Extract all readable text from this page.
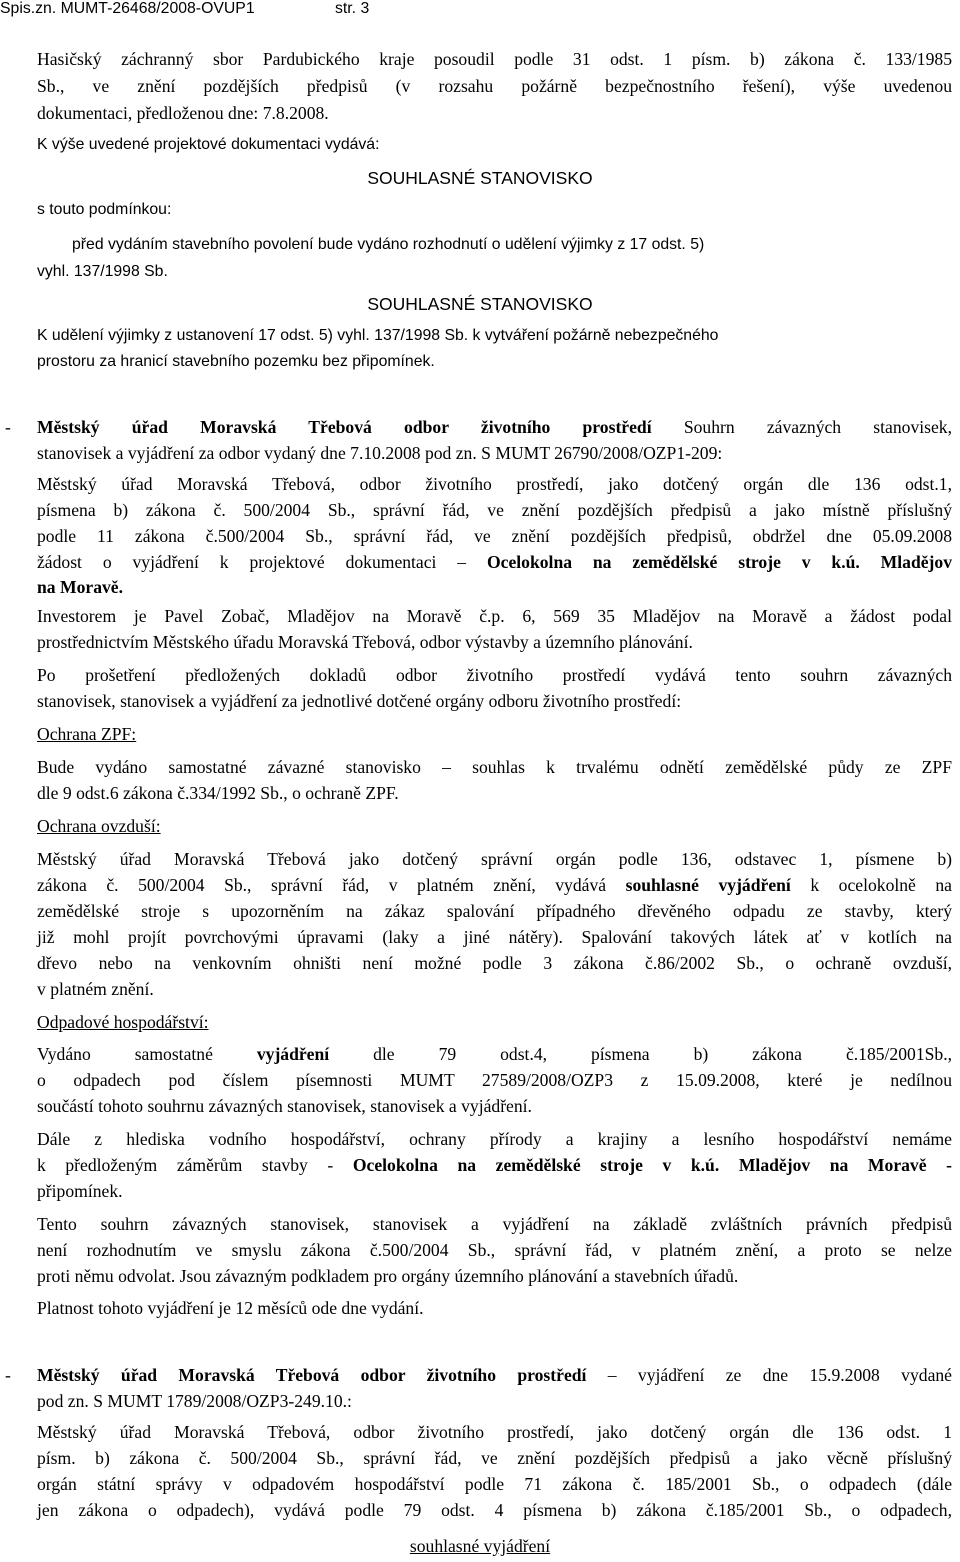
Spis.zn. MUMT-26468/2008-OVUP1	str. 3
Hasičský záchranný sbor Pardubického kraje posoudil podle 31 odst. 1 písm. b) zákona č. 133/1985
Sb., ve znění pozdějších předpisů (v rozsahu požárně bezpečnostního řešení), výše uvedenou
dokumentaci, předloženou dne: 7.8.2008.
K výše uvedené projektové dokumentaci vydává:
SOUHLASNÉ STANOVISKO
s touto podmínkou:
před vydáním stavebního povolení bude vydáno rozhodnutí o udělení výjimky z 17 odst. 5)
vyhl. 137/1998 Sb.
SOUHLASNÉ STANOVISKO
K udělení výjimky z ustanovení 17 odst. 5) vyhl. 137/1998 Sb. k vytváření požárně nebezpečného
prostoru za hranicí stavebního pozemku bez připomínek.
- Městský úřad Moravská Třebová odbor životního prostředí Souhrn závazných stanovisek,
stanovisek a vyjádření za odbor vydaný dne 7.10.2008 pod zn. S MUMT 26790/2008/OZP1-209:
Městský úřad Moravská Třebová, odbor životního prostředí, jako dotčený orgán dle 136 odst.1,
písmena b) zákona č. 500/2004 Sb., správní řád, ve znění pozdějších předpisů a jako místně příslušný
podle 11 zákona č.500/2004 Sb., správní řád, ve znění pozdějších předpisů, obdržel dne 05.09.2008
žádost o vyjádření k projektové dokumentaci – Ocelokolna na zemědělské stroje v k.ú. Mladějov
na Moravě.
Investorem je Pavel Zobač, Mladějov na Moravě č.p. 6, 569 35 Mladějov na Moravě a žádost podal
prostřednictvím Městského úřadu Moravská Třebová, odbor výstavby a územního plánování.
Po prošetření předložených dokladů odbor životního prostředí vydává tento souhrn závazných
stanovisek, stanovisek a vyjádření za jednotlivé dotčené orgány odboru životního prostředí:
Ochrana ZPF:
Bude vydáno samostatné závazné stanovisko – souhlas k trvalému odnětí zemědělské půdy ze ZPF
dle 9 odst.6 zákona č.334/1992 Sb., o ochraně ZPF.
Ochrana ovzduší:
Městský úřad Moravská Třebová jako dotčený správní orgán podle 136, odstavec 1, písmene b)
zákona č. 500/2004 Sb., správní řád, v platném znění, vydává souhlasné vyjádření k ocelokolně na
zemědělské stroje s upozorněním na zákaz spalování případného dřevěného odpadu ze stavby, který
již mohl projít povrchovými úpravami (laky a jiné nátěry). Spalování takových látek ať v kotlích na
dřevo nebo na venkovním ohništi není možné podle 3 zákona č.86/2002 Sb., o ochraně ovzduší,
v platném znění.
Odpadové hospodářství:
Vydáno samostatné vyjádření dle 79 odst.4, písmena b) zákona č.185/2001Sb.,
o odpadech pod číslem písemnosti MUMT 27589/2008/OZP3 z 15.09.2008, které je nedílnou
součástí tohoto souhrnu závazných stanovisek, stanovisek a vyjádření.
Dále z hlediska vodního hospodářství, ochrany přírody a krajiny a lesního hospodářství nemáme
k předloženým záměrům stavby - Ocelokolna na zemědělské stroje v k.ú. Mladějov na Moravě -
připomínek.
Tento souhrn závazných stanovisek, stanovisek a vyjádření na základě zvláštních právních předpisů
není rozhodnutím ve smyslu zákona č.500/2004 Sb., správní řád, v platném znění, a proto se nelze
proti němu odvolat. Jsou závazným podkladem pro orgány územního plánování a stavebních úřadů.
Platnost tohoto vyjádření je 12 měsíců ode dne vydání.
- Městský úřad Moravská Třebová odbor životního prostředí – vyjádření ze dne 15.9.2008 vydané
pod zn. S MUMT 1789/2008/OZP3-249.10.:
Městský úřad Moravská Třebová, odbor životního prostředí, jako dotčený orgán dle 136 odst. 1
písm. b) zákona č. 500/2004 Sb., správní řád, ve znění pozdějších předpisů a jako věcně příslušný
orgán státní správy v odpadovém hospodářství podle 71 zákona č. 185/2001 Sb., o odpadech (dále
jen zákona o odpadech), vydává podle 79 odst. 4 písmena b) zákona č.185/2001 Sb., o odpadech,
souhlasné vyjádření
